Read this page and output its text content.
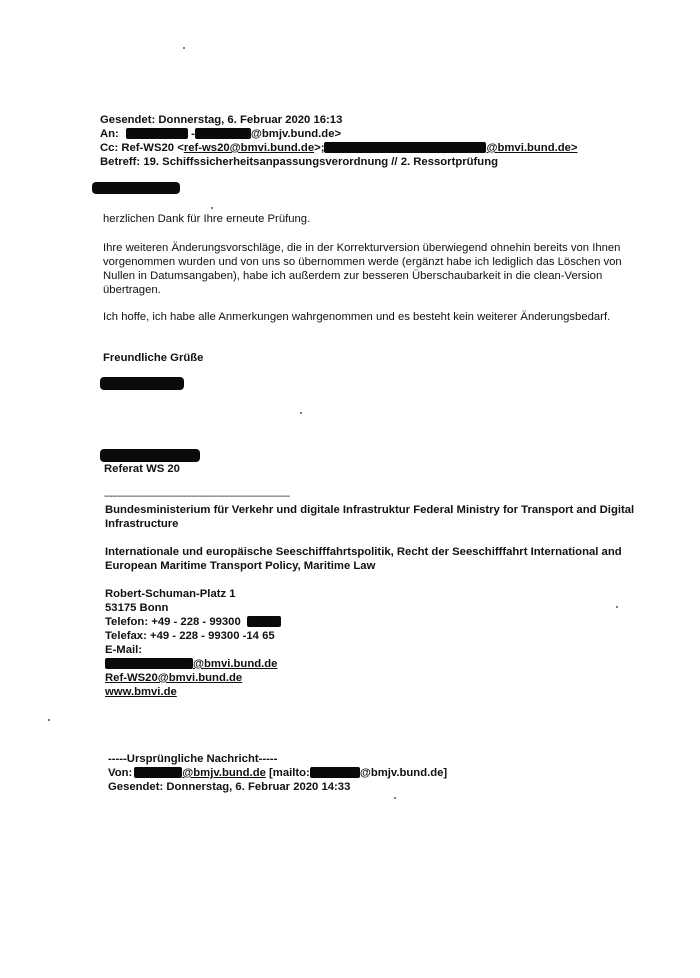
Gesendet: Donnerstag, 6. Februar 2020 16:13
An:	-	@bmjv.bund.de>
Cc: Ref-WS20 <ref-ws20@bmvi.bund.de>;	@bmvi.bund.de>
Betreff: 19. Schiffssicherheitsanpassungsverordnung // 2. Ressortprüfung
herzlichen Dank für Ihre erneute Prüfung.
Ihre weiteren Änderungsvorschläge, die in der Korrekturversion überwiegend ohnehin bereits von Ihnen
vorgenommen wurden und von uns so übernommen werde (ergänzt habe ich lediglich das Löschen von
Nullen in Datumsangaben), habe ich außerdem zur besseren Überschaubarkeit in die clean-Version
übertragen.
Ich hoffe, ich habe alle Anmerkungen wahrgenommen und es besteht kein weiterer Änderungsbedarf.
Freundliche Grüße
Referat WS 20
--------------------------------------------------------------------
Bundesministerium für Verkehr und digitale Infrastruktur Federal Ministry for Transport and Digital
Infrastructure
Internationale und europäische Seeschifffahrtspolitik, Recht der Seeschifffahrt International and
European Maritime Transport Policy, Maritime Law
Robert-Schuman-Platz 1
53175 Bonn
Telefon: +49 - 228 - 99300
Telefax: +49 - 228 - 99300 -14 65
E-Mail:
@bmvi.bund.de
Ref-WS20@bmvi.bund.de
www.bmvi.de
-----Ursprüngliche Nachricht-----
Von:	@bmjv.bund.de [mailto:	@bmjv.bund.de]
Gesendet: Donnerstag, 6. Februar 2020 14:33
